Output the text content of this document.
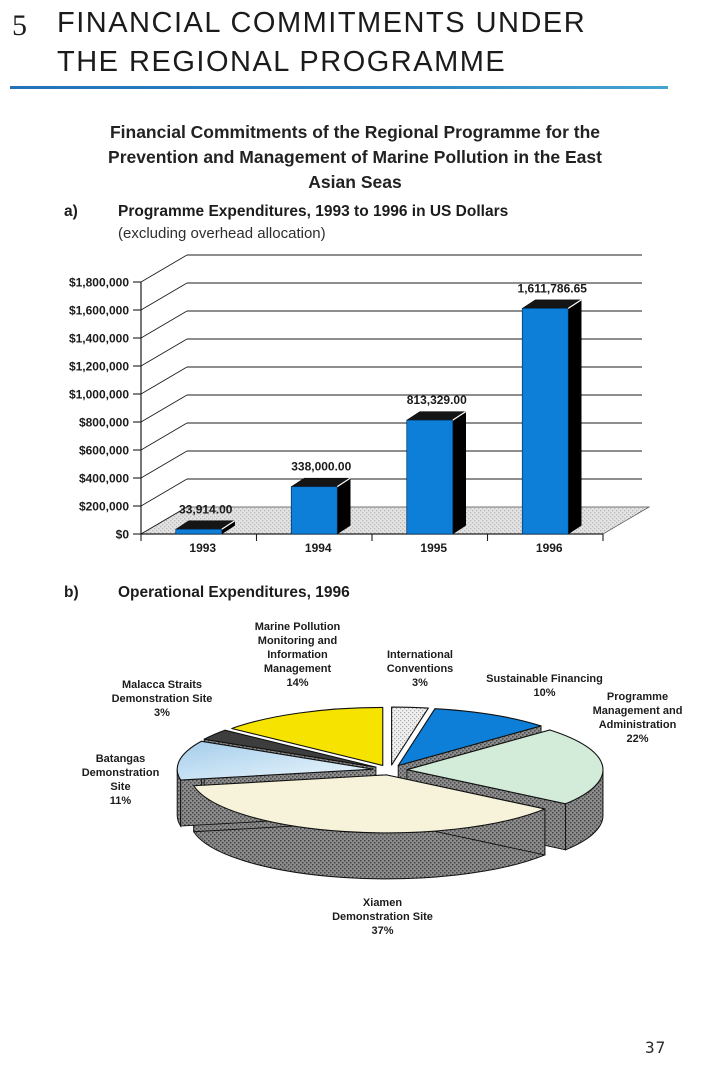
5 FINANCIAL COMMITMENTS UNDER
THE REGIONAL PROGRAMME
Financial Commitments of the Regional Programme for the
Prevention and Management of Marine Pollution in the East
Asian Seas
a)	Programme Expenditures, 1993 to 1996 in US Dollars
(excluding overhead allocation)
$0
$200,000
$400,000
$600,000
$800,000
$1,000,000
$1,200,000
$1,400,000
$1,600,000
$1,800,000
33,914.00
1993
338,000.00
1994
813,329.00
1995
1,611,786.65
1996
b)	Operational Expenditures, 1996
Marine Pollution
Monitoring and
Information
Management
14%
International
Conventions
3%	Sustainable Financing
10%	Programme
Management and
Administration
22%
Malacca Straits
Demonstration Site
3%
Batangas
Demonstration
Site
11%
Xiamen
Demonstration Site
37%
37
